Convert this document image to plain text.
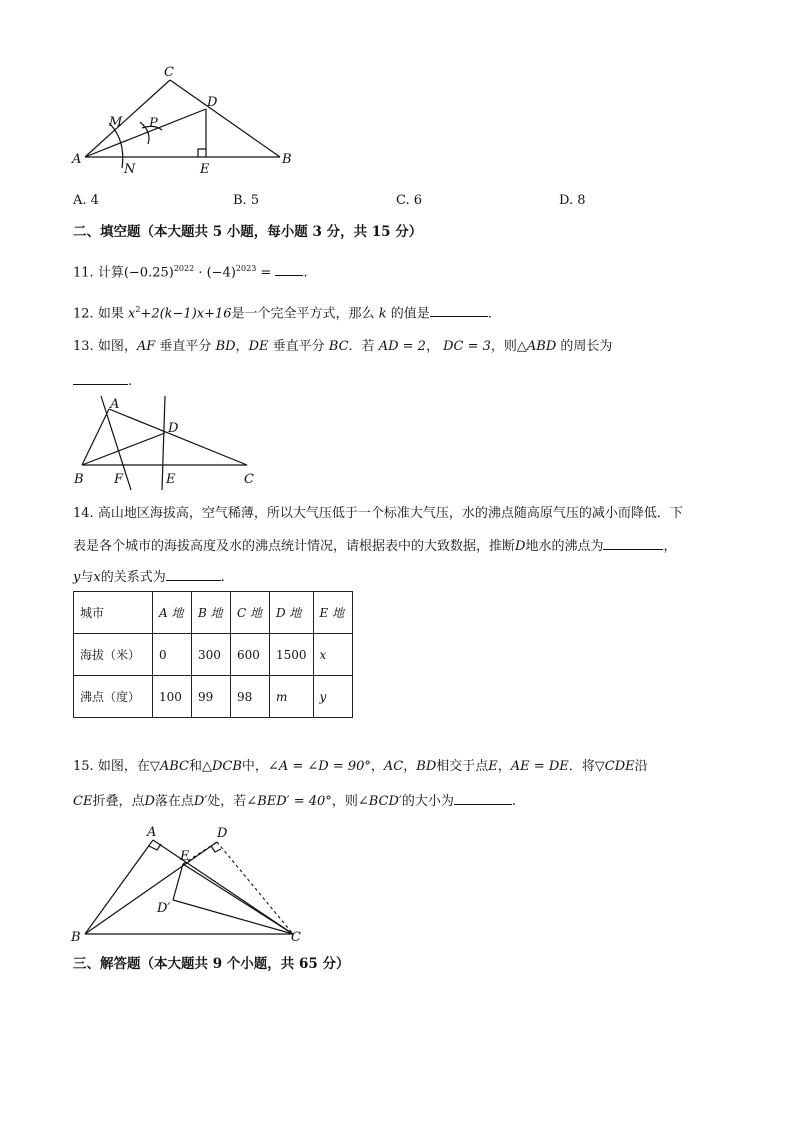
C
D
M P
A
N	E
B
A. 4	B. 5	C. 6	D. 8
二、填空题（本大题共 5 小题，每小题 3 分，共 15 分）
11. 计算$(-0.25)^{2022} \cdot (-4)^{2023}$ = .
12. 如果 $x^2+2(k-1)x+16$是一个完全平方式，那么 k 的值是	.
13. 如图，AF 垂直平分 BD，DE 垂直平分 BC．若 AD = 2， DC = 3，则△ABD 的周长为
.
A
D
B F	E	C
14. 高山地区海拔高，空气稀薄，所以大气压低于一个标准大气压，水的沸点随高原气压的减小而降低．下
表是各个城市的海拔高度及水的沸点统计情况，请根据表中的大致数据，推断D地水的沸点为	，
y与x的关系式为	.
城市	A 地	B 地	C 地	D 地	E 地
海拔（米）	0	300	600	1500	x
沸点（度）	100	99	98	m	y
15. 如图，在▽ABC和△DCB中，∠A = ∠D = 90°，AC，BD相交于点E，AE = DE．将▽CDE沿
CE折叠，点D落在点D′处，若∠BED′ = 40°，则∠BCD′的大小为	.
A	D
E
D′
B	C
三、解答题（本大题共 9 个小题，共 65 分）
